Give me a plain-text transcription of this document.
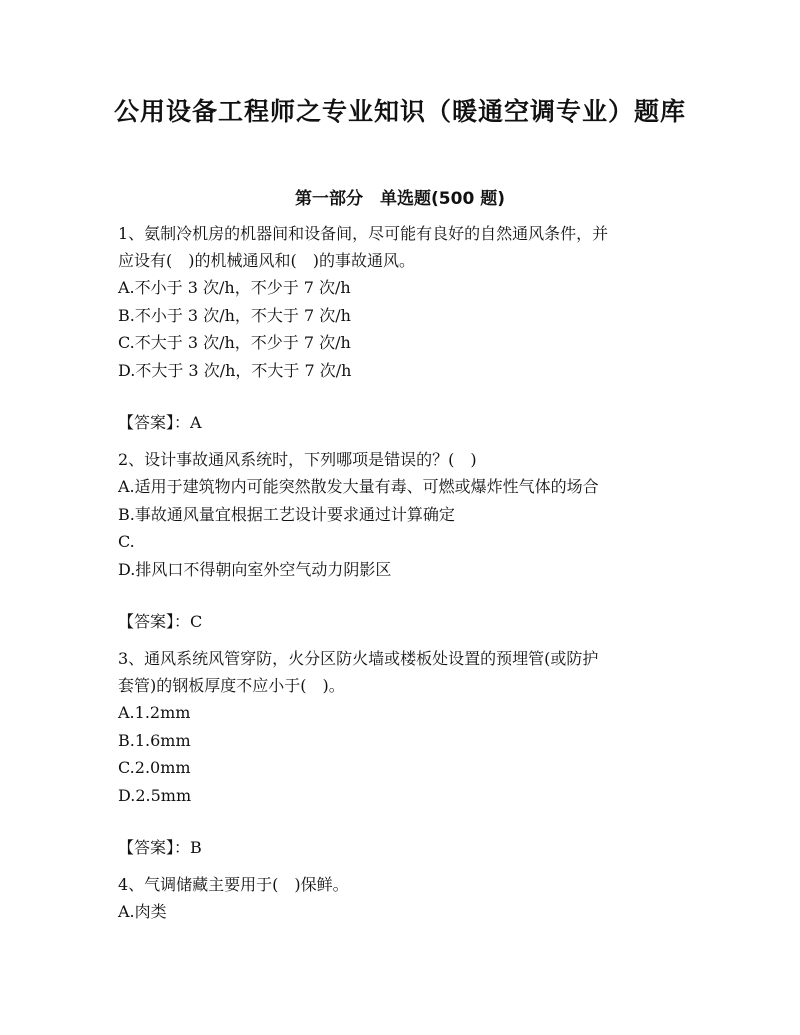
公用设备工程师之专业知识（暖通空调专业）题库
第一部分　单选题(500 题)
1、氨制冷机房的机器间和设备间，尽可能有良好的自然通风条件，并
应设有(　)的机械通风和(　)的事故通风。
A.不小于 3 次/h，不少于 7 次/h
B.不小于 3 次/h，不大于 7 次/h
C.不大于 3 次/h，不少于 7 次/h
D.不大于 3 次/h，不大于 7 次/h
【答案】：A
2、设计事故通风系统时，下列哪项是错误的？(　)
A.适用于建筑物内可能突然散发大量有毒、可燃或爆炸性气体的场合
B.事故通风量宜根据工艺设计要求通过计算确定
C.
D.排风口不得朝向室外空气动力阴影区
【答案】：C
3、通风系统风管穿防，火分区防火墙或楼板处设置的预埋管(或防护
套管)的钢板厚度不应小于(　)。
A.1.2mm
B.1.6mm
C.2.0mm
D.2.5mm
【答案】：B
4、气调储藏主要用于(　)保鲜。
A.肉类
